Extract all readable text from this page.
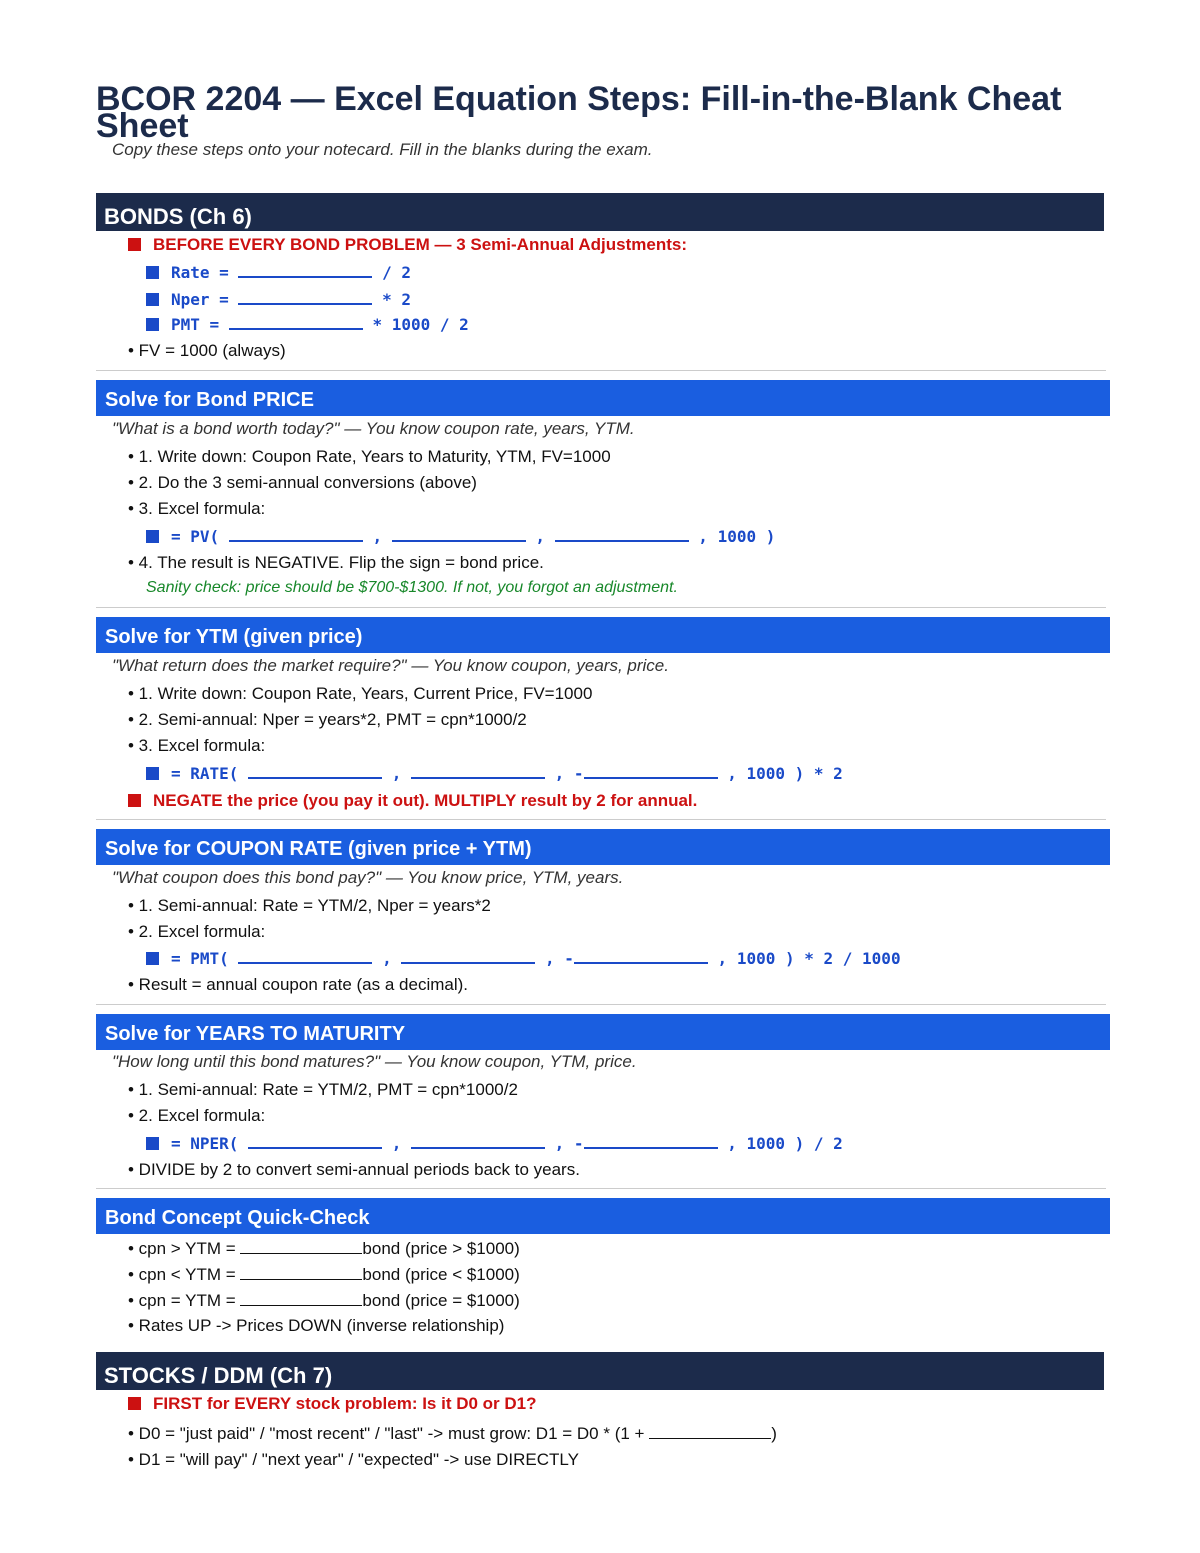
BCOR 2204 — Excel Equation Steps: Fill-in-the-Blank Cheat Sheet
Copy these steps onto your notecard. Fill in the blanks during the exam.
BONDS (Ch 6)
BEFORE EVERY BOND PROBLEM — 3 Semi-Annual Adjustments:
Rate =	/ 2
Nper =	* 2
PMT =	* 1000 / 2
• FV = 1000 (always)
Solve for Bond PRICE
"What is a bond worth today?" — You know coupon rate, years, YTM.
• 1. Write down: Coupon Rate, Years to Maturity, YTM, FV=1000
• 2. Do the 3 semi-annual conversions (above)
• 3. Excel formula:
= PV(	,	,	, 1000 )
• 4. The result is NEGATIVE. Flip the sign = bond price.
Sanity check: price should be $700-$1300. If not, you forgot an adjustment.
Solve for YTM (given price)
"What return does the market require?" — You know coupon, years, price.
• 1. Write down: Coupon Rate, Years, Current Price, FV=1000
• 2. Semi-annual: Nper = years*2, PMT = cpn*1000/2
• 3. Excel formula:
= RATE(	,	, -	, 1000 ) * 2
NEGATE the price (you pay it out). MULTIPLY result by 2 for annual.
Solve for COUPON RATE (given price + YTM)
"What coupon does this bond pay?" — You know price, YTM, years.
• 1. Semi-annual: Rate = YTM/2, Nper = years*2
• 2. Excel formula:
= PMT(	,	, -	, 1000 ) * 2 / 1000
• Result = annual coupon rate (as a decimal).
Solve for YEARS TO MATURITY
"How long until this bond matures?" — You know coupon, YTM, price.
• 1. Semi-annual: Rate = YTM/2, PMT = cpn*1000/2
• 2. Excel formula:
= NPER(	,	, -	, 1000 ) / 2
• DIVIDE by 2 to convert semi-annual periods back to years.
Bond Concept Quick-Check
• cpn > YTM =	bond (price > $1000)
• cpn < YTM =	bond (price < $1000)
• cpn = YTM =	bond (price = $1000)
• Rates UP -> Prices DOWN (inverse relationship)
STOCKS / DDM (Ch 7)
FIRST for EVERY stock problem: Is it D0 or D1?
• D0 = "just paid" / "most recent" / "last" -> must grow: D1 = D0 * (1 +	)
• D1 = "will pay" / "next year" / "expected" -> use DIRECTLY
